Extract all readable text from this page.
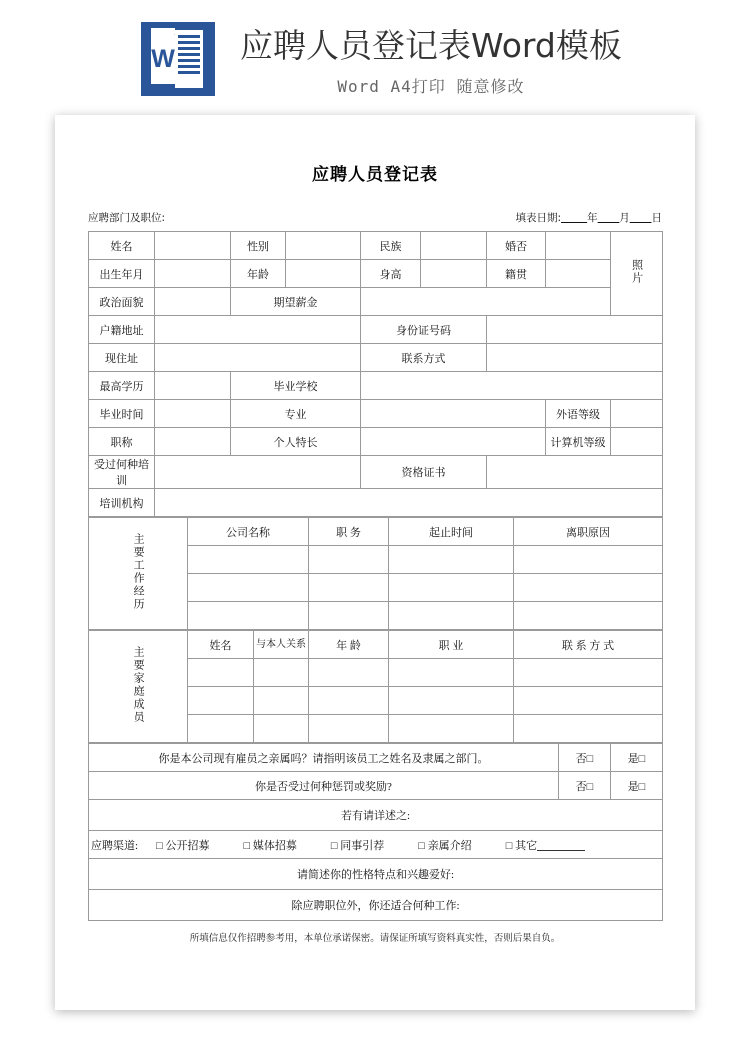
W 应聘人员登记表Word模板
Word A4打印 随意修改
应聘人员登记表
应聘部门及职位:	填表日期: 年 月 日
姓名		性别		民族		婚否		照片
出生年月		年龄		身高		籍贯		
政治面貌		期望薪金						
户籍地址				身份证号码				
现住址				联系方式				
最高学历		毕业学校						
毕业时间		专业					外语等级	
职称		个人特长					计算机等级	
受过何种培训				资格证书				
培训机构								
主要工作经历	公司名称	职 务	起止时间	离职原因

主要家庭成员	姓名	与本人关系	年 龄	职 业	联 系 方 式

你是本公司现有雇员之亲属吗？请指明该员工之姓名及隶属之部门。	否□	是□
你是否受过何种惩罚或奖励?	否□	是□
若有请详述之:		

应聘渠道: □ 公开招募	□ 媒体招募	□ 同事引荐	□ 亲属介绍	□ 其它

请简述你的性格特点和兴趣爱好:		
除应聘职位外，你还适合何种工作:		
所填信息仅作招聘参考用，本单位承诺保密。请保证所填写资料真实性，否则后果自负。
